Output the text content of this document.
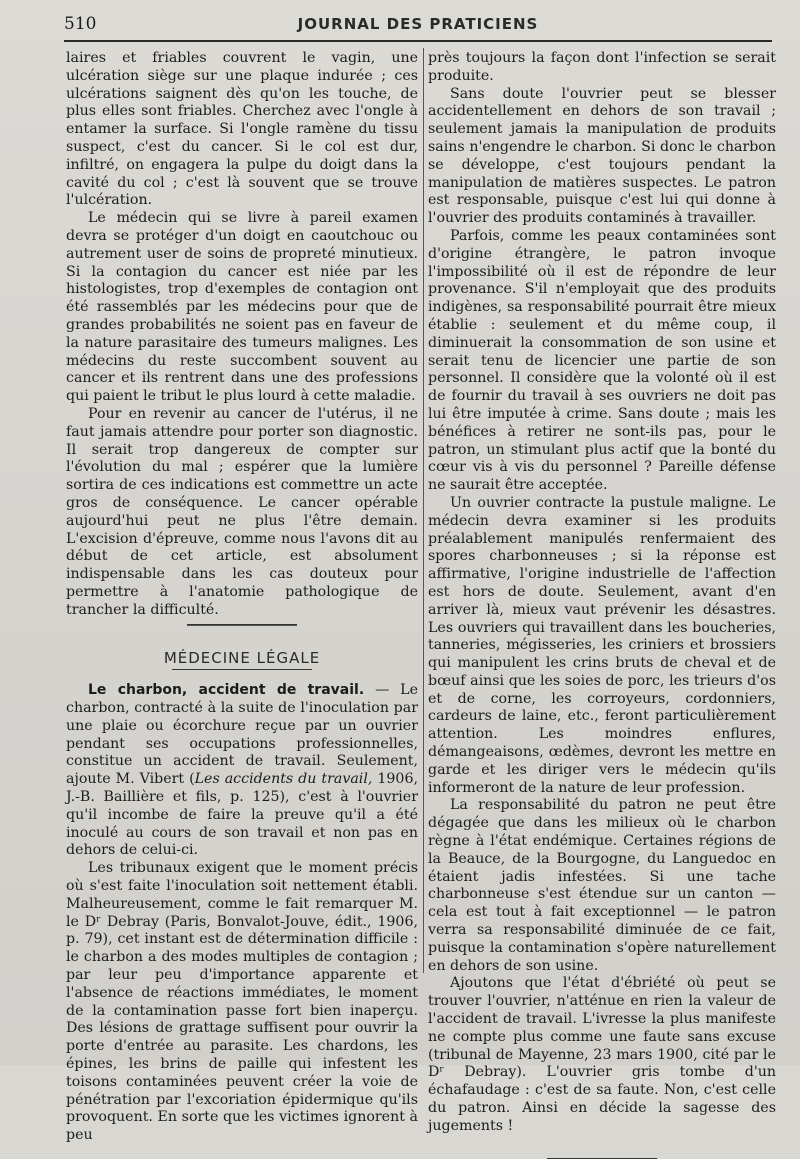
510	JOURNAL DES PRATICIENS

laires et friables couvrent le vagin, une ulcération siège sur une plaque indurée ; ces ulcérations saignent dès qu'on les touche, de plus elles sont friables. Cherchez avec l'ongle à entamer la surface. Si l'ongle ramène du tissu suspect, c'est du cancer. Si le col est dur, infiltré, on engagera la pulpe du doigt dans la cavité du col ; c'est là souvent que se trouve l'ulcération.

Le médecin qui se livre à pareil examen devra se protéger d'un doigt en caoutchouc ou autrement user de soins de propreté minutieux. Si la contagion du cancer est niée par les histologistes, trop d'exemples de contagion ont été rassemblés par les médecins pour que de grandes probabilités ne soient pas en faveur de la nature parasitaire des tumeurs malignes. Les médecins du reste succombent souvent au cancer et ils rentrent dans une des professions qui paient le tribut le plus lourd à cette maladie.

Pour en revenir au cancer de l'utérus, il ne faut jamais attendre pour porter son diagnostic. Il serait trop dangereux de compter sur l'évolution du mal ; espérer que la lumière sortira de ces indications est commettre un acte gros de conséquence. Le cancer opérable aujourd'hui peut ne plus l'être demain. L'excision d'épreuve, comme nous l'avons dit au début de cet article, est absolument indispensable dans les cas douteux pour permettre à l'anatomie pathologique de trancher la difficulté.

MÉDECINE LÉGALE

Le charbon, accident de travail. — Le charbon, contracté à la suite de l'inoculation par une plaie ou écorchure reçue par un ouvrier pendant ses occupations professionnelles, constitue un accident de travail. Seulement, ajoute M. Vibert (Les accidents du travail, 1906, J.-B. Baillière et fils, p. 125), c'est à l'ouvrier qu'il incombe de faire la preuve qu'il a été inoculé au cours de son travail et non pas en dehors de celui-ci.

Les tribunaux exigent que le moment précis où s'est faite l'inoculation soit nettement établi. Malheureusement, comme le fait remarquer M. le Dʳ Debray (Paris, Bonvalot-Jouve, édit., 1906, p. 79), cet instant est de détermination difficile : le charbon a des modes multiples de contagion ; par leur peu d'importance apparente et l'absence de réactions immédiates, le moment de la contamination passe fort bien inaperçu. Des lésions de grattage suffisent pour ouvrir la porte d'entrée au parasite. Les chardons, les épines, les brins de paille qui infestent les toisons contaminées peuvent créer la voie de pénétration par l'excoriation épidermique qu'ils provoquent. En sorte que les victimes ignorent à peu

près toujours la façon dont l'infection se serait produite.

Sans doute l'ouvrier peut se blesser accidentellement en dehors de son travail ; seulement jamais la manipulation de produits sains n'engendre le charbon. Si donc le charbon se développe, c'est toujours pendant la manipulation de matières suspectes. Le patron est responsable, puisque c'est lui qui donne à l'ouvrier des produits contaminés à travailler.

Parfois, comme les peaux contaminées sont d'origine étrangère, le patron invoque l'impossibilité où il est de répondre de leur provenance. S'il n'employait que des produits indigènes, sa responsabilité pourrait être mieux établie : seulement et du même coup, il diminuerait la consommation de son usine et serait tenu de licencier une partie de son personnel. Il considère que la volonté où il est de fournir du travail à ses ouvriers ne doit pas lui être imputée à crime. Sans doute ; mais les bénéfices à retirer ne sont-ils pas, pour le patron, un stimulant plus actif que la bonté du cœur vis à vis du personnel ? Pareille défense ne saurait être acceptée.

Un ouvrier contracte la pustule maligne. Le médecin devra examiner si les produits préalablement manipulés renfermaient des spores charbonneuses ; si la réponse est affirmative, l'origine industrielle de l'affection est hors de doute. Seulement, avant d'en arriver là, mieux vaut prévenir les désastres. Les ouvriers qui travaillent dans les boucheries, tanneries, mégisseries, les criniers et brossiers qui manipulent les crins bruts de cheval et de bœuf ainsi que les soies de porc, les trieurs d'os et de corne, les corroyeurs, cordonniers, cardeurs de laine, etc., feront particulièrement attention. Les moindres enflures, démangeaisons, œdèmes, devront les mettre en garde et les diriger vers le médecin qu'ils informeront de la nature de leur profession.

La responsabilité du patron ne peut être dégagée que dans les milieux où le charbon règne à l'état endémique. Certaines régions de la Beauce, de la Bourgogne, du Languedoc en étaient jadis infestées. Si une tache charbonneuse s'est étendue sur un canton — cela est tout à fait exceptionnel — le patron verra sa responsabilité diminuée de ce fait, puisque la contamination s'opère naturellement en dehors de son usine.

Ajoutons que l'état d'ébriété où peut se trouver l'ouvrier, n'atténue en rien la valeur de l'accident de travail. L'ivresse la plus manifeste ne compte plus comme une faute sans excuse (tribunal de Mayenne, 23 mars 1900, cité par le Dʳ Debray). L'ouvrier gris tombe d'un échafaudage : c'est de sa faute. Non, c'est celle du patron. Ainsi en décide la sagesse des jugements !
